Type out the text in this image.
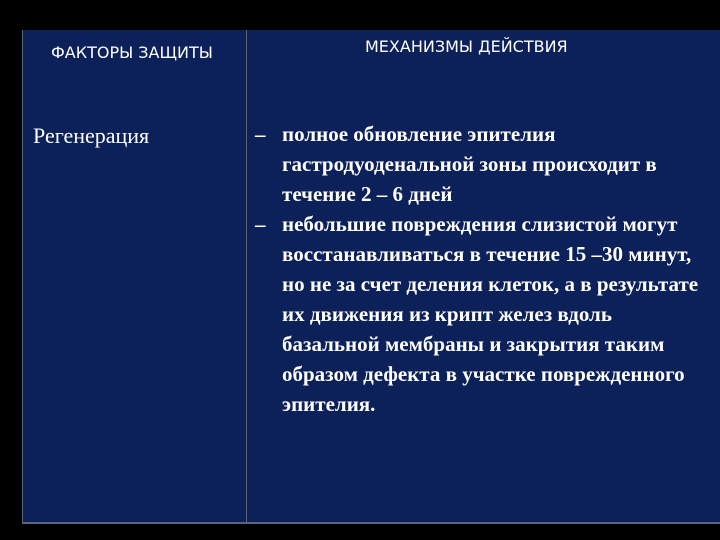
ФАКТОРЫ ЗАЩИТЫ	МЕХАНИЗМЫ ДЕЙСТВИЯ
Регенерация	– полное обновление эпителия гастродуоденальной зоны происходит в течение 2 – 6 дней
– небольшие повреждения слизистой могут восстанавливаться в течение 15 –30 минут, но не за счет деления клеток, а в результате их движения из крипт желез вдоль базальной мембраны и закрытия таким образом дефекта в участке поврежденного эпителия.
